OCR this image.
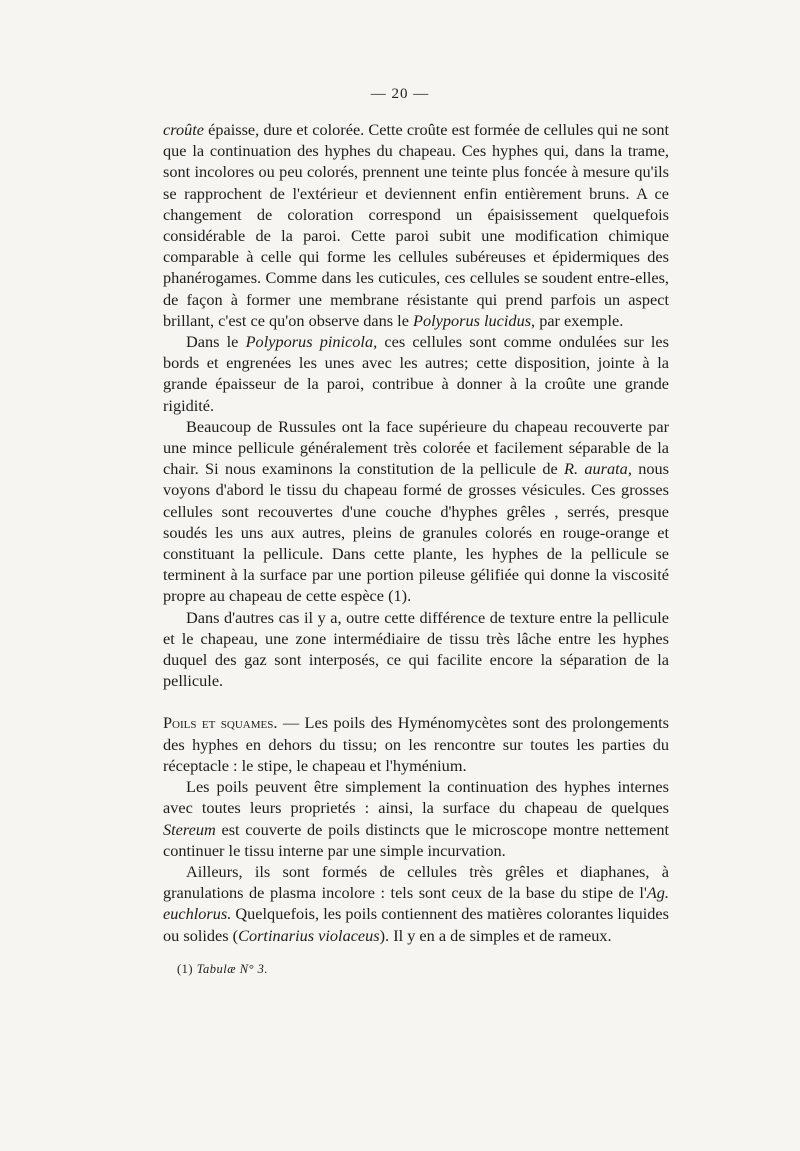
— 20 —

croûte épaisse, dure et colorée. Cette croûte est formée de cellules qui ne sont que la continuation des hyphes du chapeau. Ces hyphes qui, dans la trame, sont incolores ou peu colorés, prennent une teinte plus foncée à mesure qu'ils se rapprochent de l'extérieur et deviennent enfin entièrement bruns. A ce changement de coloration correspond un épaisissement quelquefois considérable de la paroi. Cette paroi subit une modification chimique comparable à celle qui forme les cellules subéreuses et épidermiques des phanérogames. Comme dans les cuticules, ces cellules se soudent entre-elles, de façon à former une membrane résistante qui prend parfois un aspect brillant, c'est ce qu'on observe dans le Polyporus lucidus, par exemple.

Dans le Polyporus pinicola, ces cellules sont comme ondulées sur les bords et engrenées les unes avec les autres; cette disposition, jointe à la grande épaisseur de la paroi, contribue à donner à la croûte une grande rigidité.

Beaucoup de Russules ont la face supérieure du chapeau recouverte par une mince pellicule généralement très colorée et facilement séparable de la chair. Si nous examinons la constitution de la pellicule de R. aurata, nous voyons d'abord le tissu du chapeau formé de grosses vésicules. Ces grosses cellules sont recouvertes d'une couche d'hyphes grêles , serrés, presque soudés les uns aux autres, pleins de granules colorés en rouge-orange et constituant la pellicule. Dans cette plante, les hyphes de la pellicule se terminent à la surface par une portion pileuse gélifiée qui donne la viscosité propre au chapeau de cette espèce (1).

Dans d'autres cas il y a, outre cette différence de texture entre la pellicule et le chapeau, une zone intermédiaire de tissu très lâche entre les hyphes duquel des gaz sont interposés, ce qui facilite encore la séparation de la pellicule.

Poils et squames. — Les poils des Hyménomycètes sont des prolongements des hyphes en dehors du tissu; on les rencontre sur toutes les parties du réceptacle : le stipe, le chapeau et l'hyménium.

Les poils peuvent être simplement la continuation des hyphes internes avec toutes leurs proprietés : ainsi, la surface du chapeau de quelques Stereum est couverte de poils distincts que le microscope montre nettement continuer le tissu interne par une simple incurvation.

Ailleurs, ils sont formés de cellules très grêles et diaphanes, à granulations de plasma incolore : tels sont ceux de la base du stipe de l'Ag. euchlorus. Quelquefois, les poils contiennent des matières colorantes liquides ou solides (Cortinarius violaceus). Il y en a de simples et de rameux.

(1) Tabulæ N° 3.
